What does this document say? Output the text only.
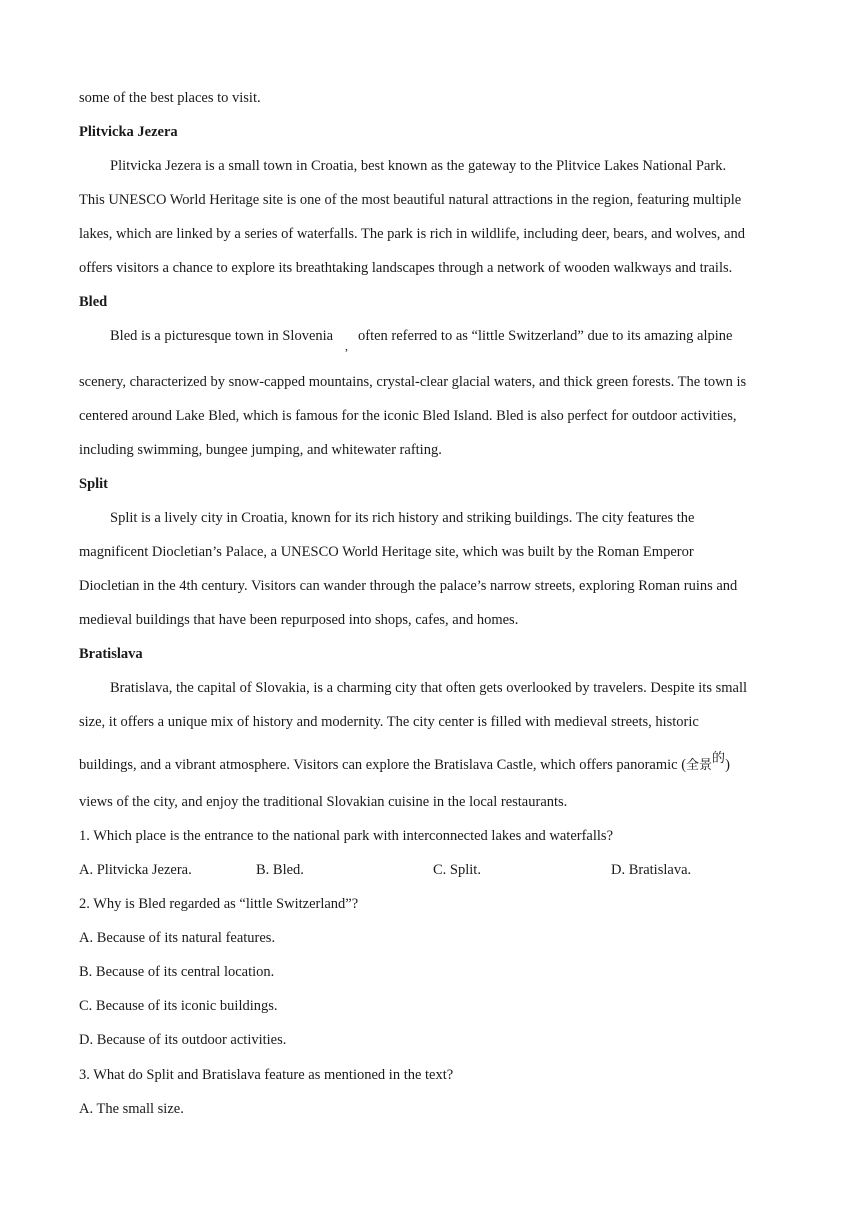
some of the best places to visit.
Plitvicka Jezera
Plitvicka Jezera is a small town in Croatia, best known as the gateway to the Plitvice Lakes National Park.
This UNESCO World Heritage site is one of the most beautiful natural attractions in the region, featuring multiple
lakes, which are linked by a series of waterfalls. The park is rich in wildlife, including deer, bears, and wolves, and
offers visitors a chance to explore its breathtaking landscapes through a network of wooden walkways and trails.
Bled
Bled is a picturesque town in Slovenia
,
often referred to as “little Switzerland” due to its amazing alpine
scenery, characterized by snow-capped mountains, crystal-clear glacial waters, and thick green forests. The town is
centered around Lake Bled, which is famous for the iconic Bled Island. Bled is also perfect for outdoor activities,
including swimming, bungee jumping, and whitewater rafting.
Split
Split is a lively city in Croatia, known for its rich history and striking buildings. The city features the
magnificent Diocletian’s Palace, a UNESCO World Heritage site, which was built by the Roman Emperor
Diocletian in the 4th century. Visitors can wander through the palace’s narrow streets, exploring Roman ruins and
medieval buildings that have been repurposed into shops, cafes, and homes.
Bratislava
Bratislava, the capital of Slovakia, is a charming city that often gets overlooked by travelers. Despite its small
size, it offers a unique mix of history and modernity. The city center is filled with medieval streets, historic
buildings, and a vibrant atmosphere. Visitors can explore the Bratislava Castle, which offers panoramic (全景的)
views of the city, and enjoy the traditional Slovakian cuisine in the local restaurants.
1. Which place is the entrance to the national park with interconnected lakes and waterfalls?
A. Plitvicka Jezera.	B. Bled.	C. Split.	D. Bratislava.
2. Why is Bled regarded as “little Switzerland”?
A. Because of its natural features.
B. Because of its central location.
C. Because of its iconic buildings.
D. Because of its outdoor activities.
3. What do Split and Bratislava feature as mentioned in the text?
A. The small size.
